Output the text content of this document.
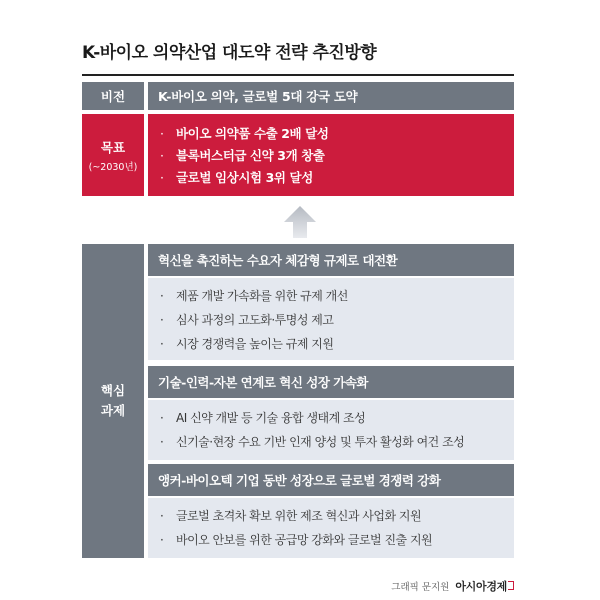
K-바이오 의약산업 대도약 전략 추진방향
비전	K-바이오 의약, 글로벌 5대 강국 도약
목표
(~2030년)
· 바이오 의약품 수출 2배 달성
· 블록버스터급 신약 3개 창출
· 글로벌 임상시험 3위 달성
핵심
과제
혁신을 촉진하는 수요자 체감형 규제로 대전환
· 제품 개발 가속화를 위한 규제 개선
· 심사 과정의 고도화·투명성 제고
· 시장 경쟁력을 높이는 규제 지원
기술-인력-자본 연계로 혁신 성장 가속화
· AI 신약 개발 등 기술 융합 생태계 조성
· 신기술·현장 수요 기반 인재 양성 및 투자 활성화 여건 조성
앵커-바이오텍 기업 동반 성장으로 글로벌 경쟁력 강화
· 글로벌 초격차 확보 위한 제조 혁신과 사업화 지원
· 바이오 안보를 위한 공급망 강화와 글로벌 진출 지원
그래픽 문지원 아시아경제
